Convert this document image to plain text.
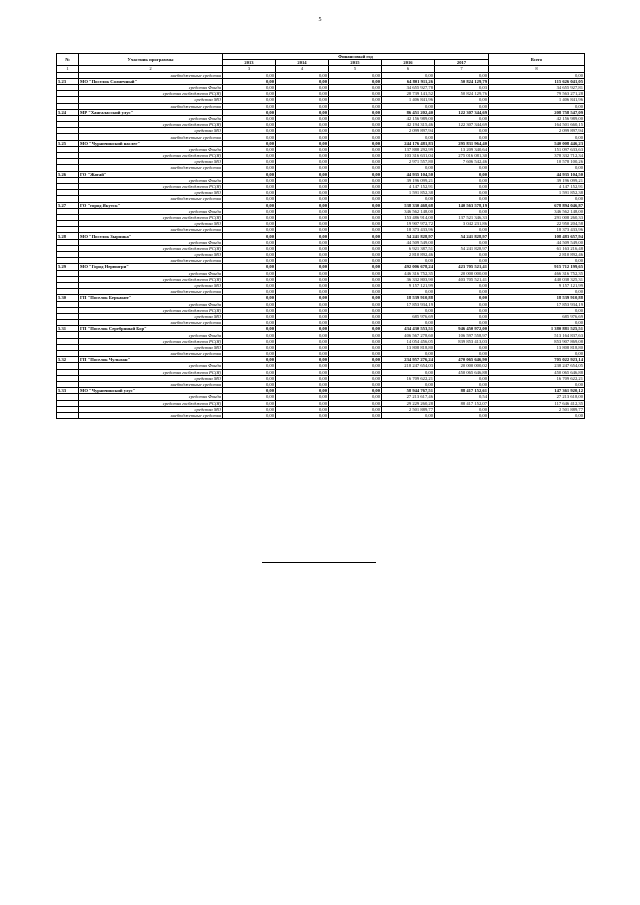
5
№	Участник программы	Финансовый год					Всего
		2013	2014	2015	2016	2017	
1	2	3	4	5	6	7	8
	внебюджетные средства	0,00	0,00	0,00	0,00	0,00	0,00
5.23	МО "Поселок Солнечный"	0,00	0,00	0,00	64 801 911,26	50 824 129,79	115 626 041,05
	средства Фонда	0,00	0,00	0,00	34 655 927,78	0,03	34 655 927,81
	средства госбюджета РС(Я)	0,00	0,00	0,00	28 739 141,52	50 824 129,76	79 563 271,28
	средства МО	0,00	0,00	0,00	1 406 841,96	0,00	1 406 841,96
	внебюджетные средства	0,00	0,00	0,00	0,00	0,00	0,00
5.24	МР "Хангаласский улус"	0,00	0,00	0,00	86 451 202,40	122 307 344,69	208 758 547,09
	средства Фонда	0,00	0,00	0,00	42 156 989,00	0,00	42 156 989,00
	средства госбюджета РС(Я)	0,00	0,00	0,00	42 194 315,46	122 307 344,69	164 501 660,15
	средства МО	0,00	0,00	0,00	2 099 897,94	0,00	2 099 897,94
	внебюджетные средства	0,00	0,00	0,00	0,00	0,00	0,00
5.25	МО "Чурапчинский наслег"	0,00	0,00	0,00	244 176 481,83	295 831 964,40	540 008 446,23
	средства Фонда	0,00	0,00	0,00	137 888 292,99	13 209 340,64	151 097 633,63
	средства госбюджета РС(Я)	0,00	0,00	0,00	103 316 631,04	275 016 081,30	378 332 712,34
	средства МО	0,00	0,00	0,00	2 971 557,80	7 606 542,46	10 578 100,26
	внебюджетные средства	0,00	0,00	0,00	0,00	0,00	0,00
5.26	ГО "Жатай"	0,00	0,00	0,00	44 935 104,50	0,00	44 935 104,50
	средства Фонда	0,00	0,00	0,00	39 196 099,21	0,00	39 196 099,21
	средства госбюджета РС(Я)	0,00	0,00	0,00	4 147 152,91	0,00	4 147 152,91
	средства МО	0,00	0,00	0,00	1 591 852,38	0,00	1 591 852,38
	внебюджетные средства	0,00	0,00	0,00	0,00	0,00	0,00
5.27	ГО "город Якутск"	0,00	0,00	0,00	538 330 468,68	140 563 578,19	678 894 046,87
	средства Фонда	0,00	0,00	0,00	346 562 148,00	0,00	346 562 148,00
	средства госбюджета РС(Я)	0,00	0,00	0,00	153 486 914,00	137 521 346,33	291 008 260,33
	средства МО	0,00	0,00	0,00	19 907 972,72	3 042 231,86	22 950 204,58
	внебюджетные средства	0,00	0,00	0,00	18 373 433,96	0,00	18 373 433,96
5.28	МО "Поселок Зырянка"	0,00	0,00	0,00	54 241 828,97	54 241 828,97	108 483 657,94
	средства Фонда	0,00	0,00	0,00	44 509 549,00	0,00	44 509 549,00
	средства госбюджета РС(Я)	0,00	0,00	0,00	6 921 387,51	54 241 828,97	61 163 216,48
	средства МО	0,00	0,00	0,00	2 810 892,46	0,00	2 810 892,46
	внебюджетные средства	0,00	0,00	0,00	0,00	0,00	0,00
5.29	МО "Город Нерюнгри"	0,00	0,00	0,00	492 006 678,24	423 705 521,41	915 712 199,65
	средства Фонда	0,00	0,00	0,00	446 316 752,35	20 000 000,00	466 316 752,35
	средства госбюджета РС(Я)	0,00	0,00	0,00	36 332 803,90	403 705 521,41	440 038 325,31
	средства МО	0,00	0,00	0,00	9 157 121,99	0,00	9 157 121,99
	внебюджетные средства	0,00	0,00	0,00	0,00	0,00	0,00
5.30	ГП "Поселок Беркакит"	0,00	0,00	0,00	18 539 910,88	0,00	18 539 910,88
	средства Фонда	0,00	0,00	0,00	17 853 934,19	0,00	17 853 934,19
	средства госбюджета РС(Я)	0,00	0,00	0,00	0,00	0,00	0,00
	средства МО	0,00	0,00	0,00	685 976,69	0,00	685 976,69
	внебюджетные средства	0,00	0,00	0,00	0,00	0,00	0,00
5.31	ГП "Поселок Серебряный Бор"	0,00	0,00	0,00	434 430 553,51	946 450 972,00	1 380 881 525,51
	средства Фонда	0,00	0,00	0,00	406 567 278,60	106 597 558,97	513 164 837,63
	средства госбюджета РС(Я)	0,00	0,00	0,00	14 054 456,05	839 853 413,03	853 907 869,08
	средства МО	0,00	0,00	0,00	13 808 818,80	0,00	13 808 818,80
	внебюджетные средства	0,00	0,00	0,00	0,00	0,00	0,00
5.32	ГП "Поселок Чульман"	0,00	0,00	0,00	234 957 276,24	470 065 646,90	705 022 923,14
	средства Фонда	0,00	0,00	0,00	218 247 654,03	20 000 000,02	238 247 654,05
	средства госбюджета РС(Я)	0,00	0,00	0,00	0,00	450 065 646,88	450 065 646,88
	средства МО	0,00	0,00	0,00	16 709 622,21	0,00	16 709 622,21
	внебюджетные средства	0,00	0,00	0,00	0,00	0,00	0,00
5.33	МО "Чурапчинский улус"	0,00	0,00	0,00	58 944 767,51	88 417 152,61	147 361 920,12
	средства Фонда	0,00	0,00	0,00	27 213 617,46	0,54	27 213 618,00
	средства госбюджета РС(Я)	0,00	0,00	0,00	29 229 260,28	88 417 152,07	117 646 412,35
	средства МО	0,00	0,00	0,00	2 501 889,77	0,00	2 501 889,77
	внебюджетные средства	0,00	0,00	0,00	0,00	0,00	0,00
